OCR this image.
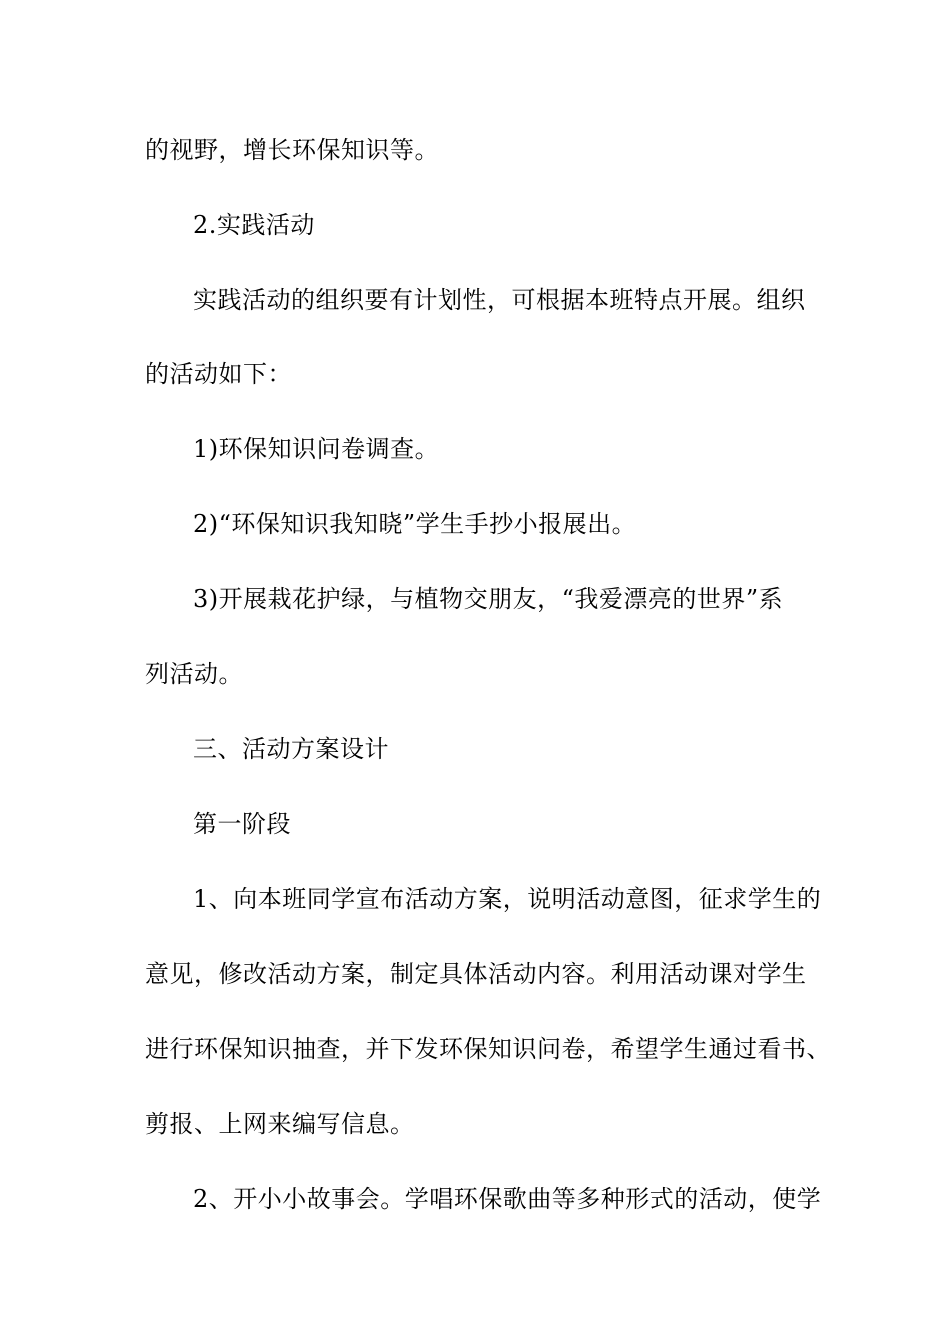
的视野，增长环保知识等。
2.实践活动
实践活动的组织要有计划性，可根据本班特点开展。组织
的活动如下：
1)环保知识问卷调查。
2)“环保知识我知晓”学生手抄小报展出。
3)开展栽花护绿，与植物交朋友，“我爱漂亮的世界”系
列活动。
三、活动方案设计
第一阶段
1、向本班同学宣布活动方案，说明活动意图，征求学生的
意见，修改活动方案，制定具体活动内容。利用活动课对学生
进行环保知识抽查，并下发环保知识问卷，希望学生通过看书、
剪报、上网来编写信息。
2、开小小故事会。学唱环保歌曲等多种形式的活动，使学
